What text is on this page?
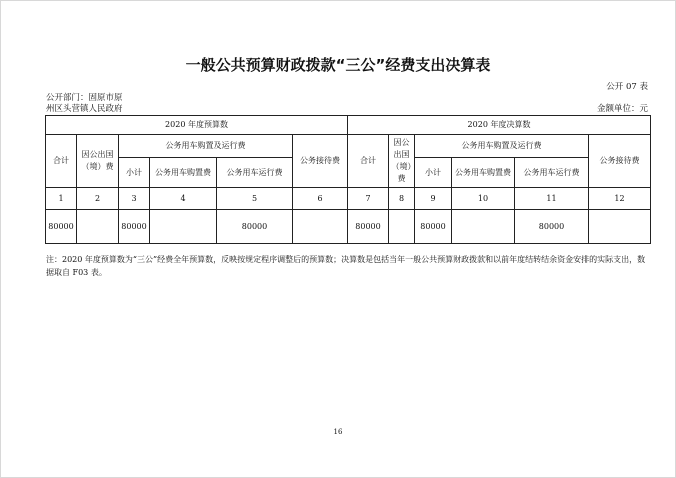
一般公共预算财政拨款“三公”经费支出决算表
公开 07 表
公开部门：固原市原
州区头营镇人民政府	金额单位：元
2020 年度预算数						2020 年度决算数					
合计	因公出国（境）费	公务用车购置及运行费			公务接待费	合计	因公出国（境）费	公务用车购置及运行费			公务接待费
		小计	公务用车购置费	公务用车运行费				小计	公务用车购置费	公务用车运行费	
1	2	3	4	5	6	7	8	9	10	11	12
80000		80000		80000		80000		80000		80000	
注：2020 年度预算数为“三公”经费全年预算数，反映按规定程序调整后的预算数；决算数是包括当年一般公共预算财政拨款和以前年度结转结余资金安排的实际支出，数据取自 F03 表。
16
